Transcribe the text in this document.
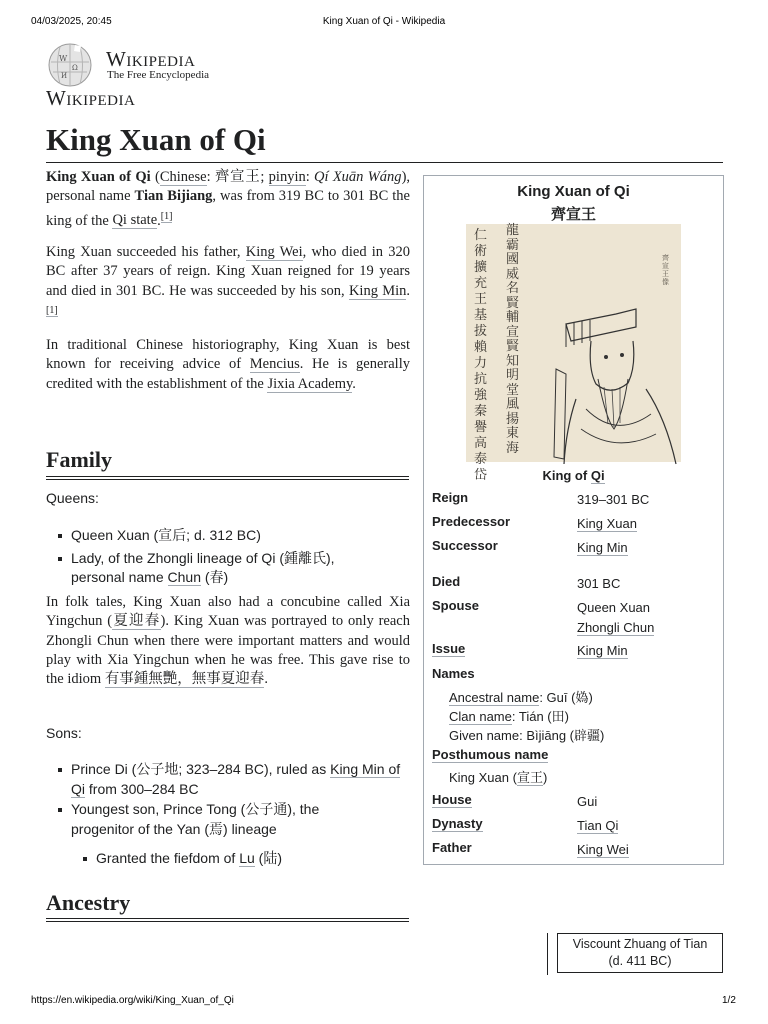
04/03/2025, 20:45	King Xuan of Qi - Wikipedia
W
Ω
И
Wikipedia
The Free Encyclopedia
Wikipedia
King Xuan of Qi

King Xuan of Qi (Chinese: 齊宣王; pinyin: Qí Xuān Wáng), personal name Tian Bijiang, was from 319 BC to 301 BC the king of the Qi state.[1]

King Xuan succeeded his father, King Wei, who died in 320 BC after 37 years of reign. King Xuan reigned for 19 years and died in 301 BC. He was succeeded by his son, King Min.[1]

In traditional Chinese historiography, King Xuan is best known for receiving advice of Mencius. He is generally credited with the establishment of the Jixia Academy.

Family
Queens:
Queen Xuan (宣后; d. 312 BC)
Lady, of the Zhongli lineage of Qi (鍾離氏),
personal name Chun (春)

In folk tales, King Xuan also had a concubine called Xia Yingchun (夏迎春). King Xuan was portrayed to only reach Zhongli Chun when there were important matters and would play with Xia Yingchun when he was free. This gave rise to the idiom 有事鍾無艷，無事夏迎春.

Sons:
Prince Di (公子地; 323–284 BC), ruled as King Min of Qi from 300–284 BC
Youngest son, Prince Tong (公子通), the progenitor of the Yan (焉) lineage
Granted the fiefdom of Lu (陆)
Ancestry
Viscount Zhuang of Tian
(d. 411 BC)
King Xuan of Qi
齊宣王
仁術擴充王基拔賴力抗強秦譽高泰岱
龍霸國威名賢輔宣賢知明堂風揚東海
齊宣王像
King of Qi
Reign	319–301 BC
Predecessor	King Xuan
Successor	King Min
Died	301 BC
Spouse	Queen Xuan
Zhongli Chun
Issue	King Min
Names
Ancestral name: Guī (媯)
Clan name: Tián (田)
Given name: Bìjiāng (辟疆)
Posthumous name
King Xuan (宣王)
House	Gui
Dynasty	Tian Qi
Father	King Wei
https://en.wikipedia.org/wiki/King_Xuan_of_Qi	1/2
